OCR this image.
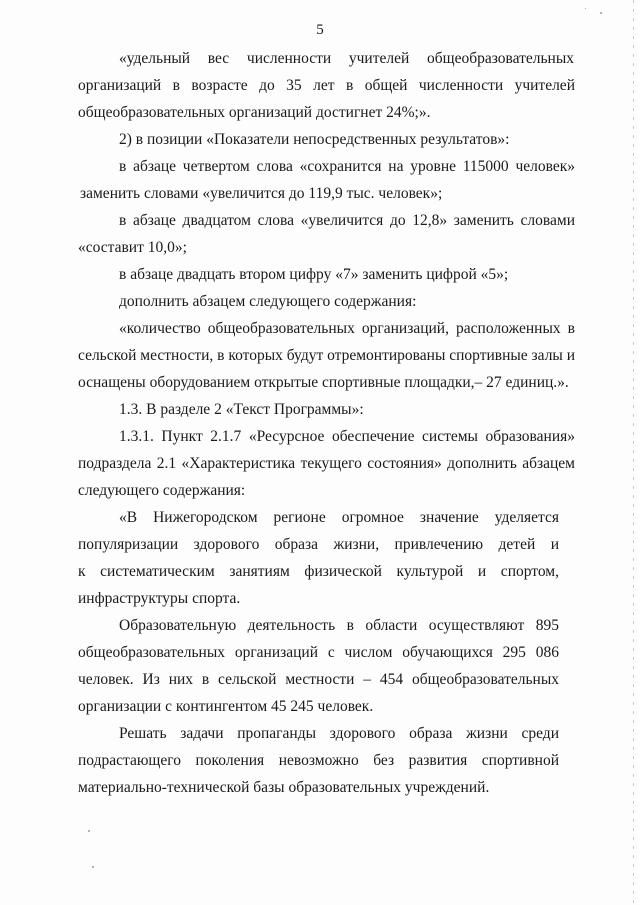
5
«удельный вес численности учителей общеобразовательных
организаций в возрасте до 35 лет в общей численности учителей
общеобразовательных организаций достигнет 24%;».
2) в позиции «Показатели непосредственных результатов»:
в абзаце четвертом слова «сохранится на уровне 115000 человек»
заменить словами «увеличится до 119,9 тыс. человек»;
в абзаце двадцатом слова «увеличится до 12,8» заменить словами
«составит 10,0»;
в абзаце двадцать втором цифру «7» заменить цифрой «5»;
дополнить абзацем следующего содержания:
«количество общеобразовательных организаций, расположенных в
сельской местности, в которых будут отремонтированы спортивные залы и
оснащены оборудованием открытые спортивные площадки,– 27 единиц.».
1.3. В разделе 2 «Текст Программы»:
1.3.1. Пункт 2.1.7 «Ресурсное обеспечение системы образования»
подраздела 2.1 «Характеристика текущего состояния» дополнить абзацем
следующего содержания:
«В Нижегородском регионе огромное значение уделяется
популяризации здорового образа жизни, привлечению детей и
к систематическим занятиям физической культурой и спортом,
инфраструктуры спорта.
Образовательную деятельность в области осуществляют 895
общеобразовательных организаций с числом обучающихся 295 086
человек. Из них в сельской местности – 454 общеобразовательных
организации с контингентом 45 245 человек.
Решать задачи пропаганды здорового образа жизни среди
подрастающего поколения невозможно без развития спортивной
материально-технической базы образовательных учреждений.
